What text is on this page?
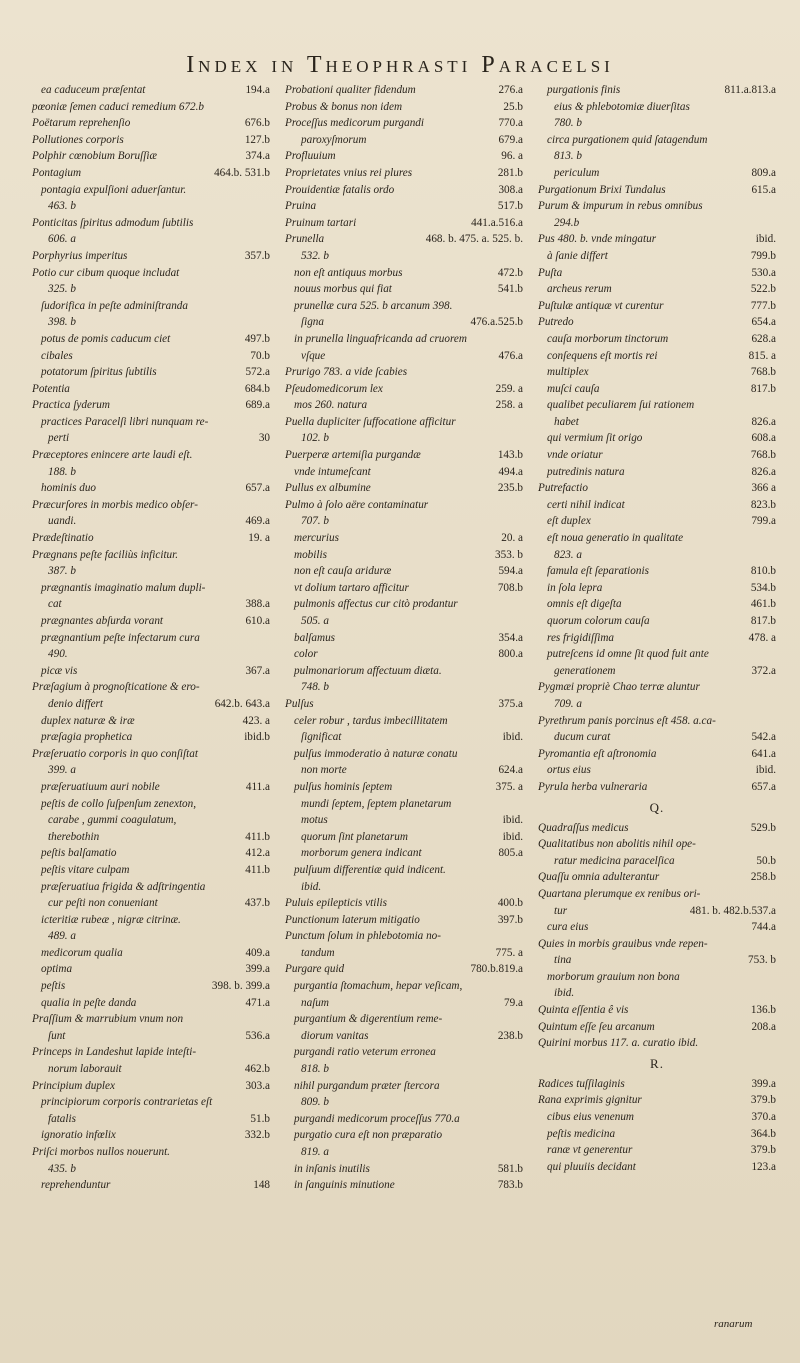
Index in Theophrasti Paracelsi
ea caduceum præſentat	194.a
pœoniæ ſemen caduci remedium 672.b
Poëtarum reprehenſio	676.b
Pollutiones corporis	127.b
Polphir cœnobium Boruſſiæ	374.a
Pontagium	464.b. 531.b
pontagia expulſioni aduerſantur.
463. b
Ponticitas ſpiritus admodum ſubtilis
606. a
Porphyrius imperitus	357.b
Potio cur cibum quoque includat
325. b
ſudorifica in peſte adminiſtranda
398. b
potus de pomis caducum ciet	497.b
cibales	70.b
potatorum ſpiritus ſubtilis	572.a
Potentia	684.b
Practica ſyderum	689.a
practices Paracelſi libri nunquam re-
perti	30
Præceptores enincere arte laudi eſt.
188. b
hominis duo	657.a
Præcurſores in morbis medico obſer-
uandi.	469.a
Prædeſtinatio	19. a
Prægnans peſte faciliùs inficitur.
387. b
prægnantis imaginatio malum dupli-
cat	388.a
prægnantes abſurda vorant	610.a
prægnantium peſte infectarum cura
490.
picæ vis	367.a
Præſagium à prognoſticatione & ero-
denio differt	642.b. 643.a
duplex naturæ & iræ	423. a
præſagia prophetica	ibid.b
Præſeruatio corporis in quo conſiſtat
399. a
præſeruatiuum auri nobile	411.a
peſtis de collo ſuſpenſum zenexton,
carabe , gummi coagulatum,
therebothin	411.b
peſtis balſamatio	412.a
peſtis vitare culpam	411.b
præſeruatiua frigida & adſtringentia
cur peſti non conueniant	437.b
icteritiæ rubeæ , nigræ citrinæ.
489. a
medicorum qualia	409.a
optima	399.a
peſtis	398. b. 399.a
qualia in peſte danda	471.a
Praſſium & marrubium vnum non
ſunt	536.a
Princeps in Landeshut lapide inteſti-
norum laborauit	462.b
Principium duplex	303.a
principiorum corporis contrarietas eſt
fatalis	51.b
ignoratio infœlix	332.b
Priſci morbos nullos nouerunt.
435. b
reprehenduntur	148
Probationi qualiter fidendum	276.a
Probus & bonus non idem	25.b
Proceſſus medicorum purgandi	770.a
paroxyſmorum	679.a
Profluuium	96. a
Proprietates vnius rei plures	281.b
Prouidentiæ fatalis ordo	308.a
Pruina	517.b
Pruinum tartari	441.a.516.a
Prunella	468. b. 475. a. 525. b.
532. b
non eſt antiquus morbus	472.b
nouus morbus qui fiat	541.b
prunellæ cura 525. b arcanum 398.
ſigna	476.a.525.b
in prunella linguafricanda ad cruorem
vſque	476.a
Prurigo 783. a vide ſcabies
Pſeudomedicorum lex	259. a
mos 260. natura	258. a
Puella dupliciter ſuffocatione afficitur
102. b
Puerperæ artemiſia purgandæ	143.b
vnde intumeſcant	494.a
Pullus ex albumine	235.b
Pulmo à ſolo aëre contaminatur
707. b
mercurius	20. a
mobilis	353. b
non eſt cauſa ariduræ	594.a
vt dolium tartaro afficitur	708.b
pulmonis affectus cur citò prodantur
505. a
balſamus	354.a
color	800.a
pulmonariorum affectuum diæta.
748. b
Pulſus	375.a
celer robur , tardus imbecillitatem
ſignificat	ibid.
pulſus immoderatio à naturæ conatu
non morte	624.a
pulſus hominis ſeptem	375. a
mundi ſeptem, ſeptem planetarum
motus	ibid.
quorum ſint planetarum	ibid.
morborum genera indicant	805.a
pulſuum differentiæ quid indicent.
ibid.
Puluis epilepticis vtilis	400.b
Punctionum laterum mitigatio	397.b
Punctum ſolum in phlebotomia no-
tandum	775. a
Purgare quid	780.b.819.a
purgantia ſtomachum, hepar veſicam,
naſum	79.a
purgantium & digerentium reme-
diorum vanitas	238.b
purgandi ratio veterum erronea
818. b
nihil purgandum præter ſtercora
809. b
purgandi medicorum proceſſus 770.a
purgatio cura eſt non præparatio
819. a
in inſanis inutilis	581.b
in ſanguinis minutione	783.b
purgationis finis	811.a.813.a
eius & phlebotomiæ diuerſitas
780. b
circa purgationem quid ſatagendum
813. b
periculum	809.a
Purgationum Brixi Tundalus	615.a
Purum & impurum in rebus omnibus
294.b
Pus 480. b. vnde mingatur	ibid.
à ſanie differt	799.b
Puſta	530.a
archeus rerum	522.b
Puſtulæ antiquæ vt curentur	777.b
Putredo	654.a
cauſa morborum tinctorum	628.a
conſequens eſt mortis rei	815. a
multiplex	768.b
muſci cauſa	817.b
qualibet peculiarem ſui rationem
habet	826.a
qui vermium ſit origo	608.a
vnde oriatur	768.b
putredinis natura	826.a
Putrefactio	366 a
certi nihil indicat	823.b
eſt duplex	799.a
eſt noua generatio in qualitate
823. a
famula eſt ſeparationis	810.b
in ſola lepra	534.b
omnis eſt digeſta	461.b
quorum colorum cauſa	817.b
res frigidiſſima	478. a
putreſcens id omne ſit quod fuit ante
generationem	372.a
Pygmæi propriè Chao terræ aluntur
709. a
Pyrethrum panis porcinus eſt 458. a.ca-
ducum curat	542.a
Pyromantia eſt aſtronomia	641.a
ortus eius	ibid.
Pyrula herba vulneraria	657.a
Q.
Quadraſſus medicus	529.b
Qualitatibus non abolitis nihil ope-
ratur medicina paracelſica	50.b
Quaſſu omnia adulterantur	258.b
Quartana plerumque ex renibus ori-
tur	481. b. 482.b.537.a
cura eius	744.a
Quies in morbis grauibus vnde repen-
tina	753. b
morborum grauium non bona
ibid.
Quinta eſſentia ê vis	136.b
Quintum eſſe ſeu arcanum	208.a
Quirini morbus 117. a. curatio ibid.
R.
Radices tuſſilaginis	399.a
Rana exprimis gignitur	379.b
cibus eius venenum	370.a
peſtis medicina	364.b
ranæ vt generentur	379.b
qui pluuiis decidant	123.a
ranarum
